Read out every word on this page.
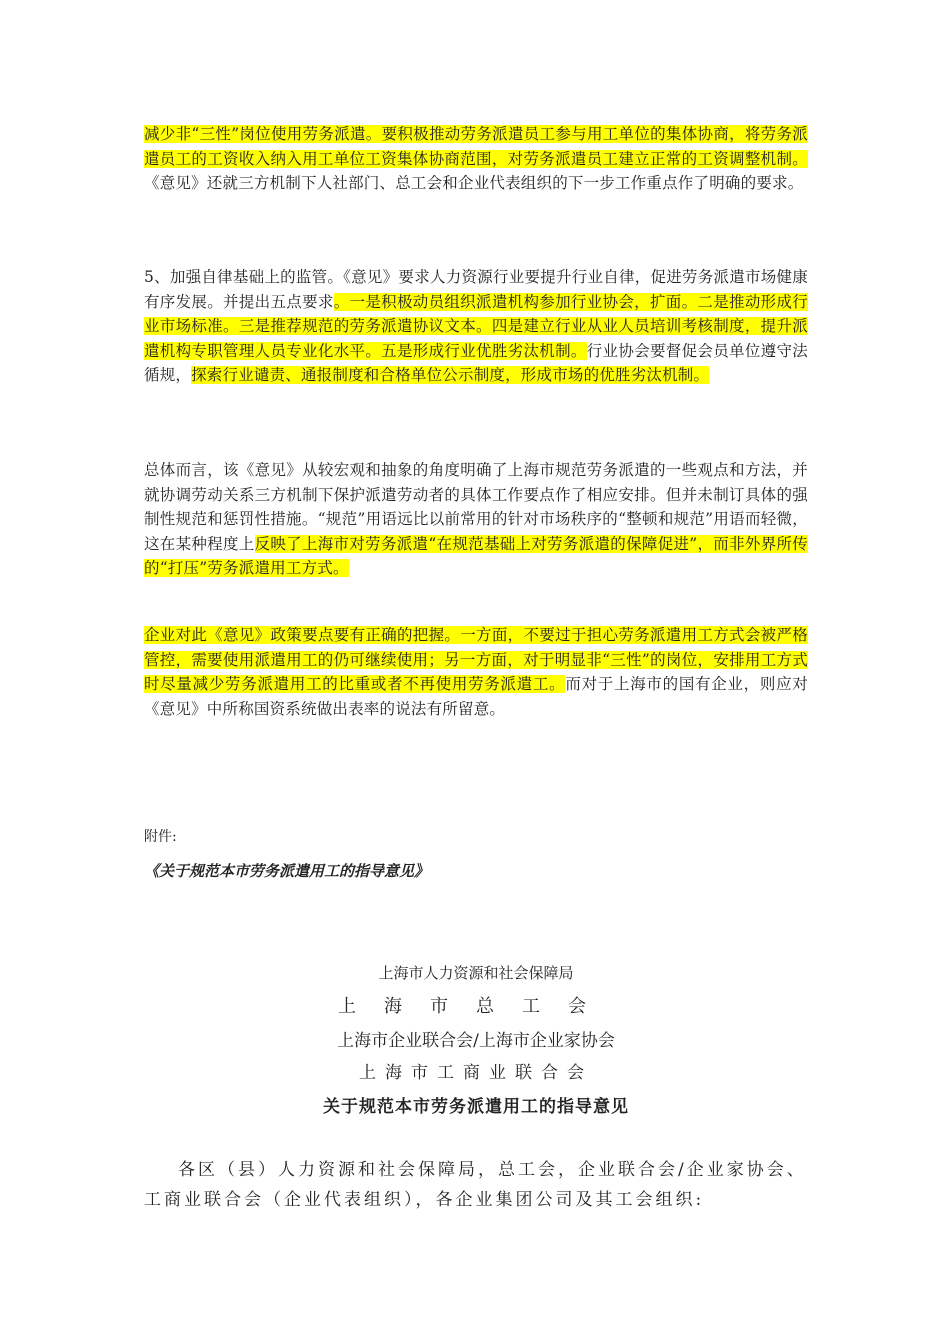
减少非“三性”岗位使用劳务派遣。要积极推动劳务派遣员工参与用工单位的集体协商，将劳务派遣员工的工资收入纳入用工单位工资集体协商范围，对劳务派遣员工建立正常的工资调整机制。《意见》还就三方机制下人社部门、总工会和企业代表组织的下一步工作重点作了明确的要求。

5、加强自律基础上的监管。《意见》要求人力资源行业要提升行业自律，促进劳务派遣市场健康有序发展。并提出五点要求。一是积极动员组织派遣机构参加行业协会，扩面。二是推动形成行业市场标准。三是推荐规范的劳务派遣协议文本。四是建立行业从业人员培训考核制度，提升派遣机构专职管理人员专业化水平。五是形成行业优胜劣汰机制。行业协会要督促会员单位遵守法循规，探索行业谴责、通报制度和合格单位公示制度，形成市场的优胜劣汰机制。

总体而言，该《意见》从较宏观和抽象的角度明确了上海市规范劳务派遣的一些观点和方法，并就协调劳动关系三方机制下保护派遣劳动者的具体工作要点作了相应安排。但并未制订具体的强制性规范和惩罚性措施。“规范”用语远比以前常用的针对市场秩序的“整顿和规范”用语而轻微，这在某种程度上反映了上海市对劳务派遣“在规范基础上对劳务派遣的保障促进”，而非外界所传的“打压”劳务派遣用工方式。

企业对此《意见》政策要点要有正确的把握。一方面，不要过于担心劳务派遣用工方式会被严格管控，需要使用派遣用工的仍可继续使用；另一方面，对于明显非“三性”的岗位，安排用工方式时尽量减少劳务派遣用工的比重或者不再使用劳务派遣工。而对于上海市的国有企业，则应对《意见》中所称国资系统做出表率的说法有所留意。

附件:
《关于规范本市劳务派遣用工的指导意见》
上海市人力资源和社会保障局
上海市总工会
上海市企业联合会/上海市企业家协会
上海市工商业联合会
关于规范本市劳务派遣用工的指导意见

各区（县）人力资源和社会保障局，总工会，企业联合会/企业家协会、工商业联合会（企业代表组织），各企业集团公司及其工会组织:
